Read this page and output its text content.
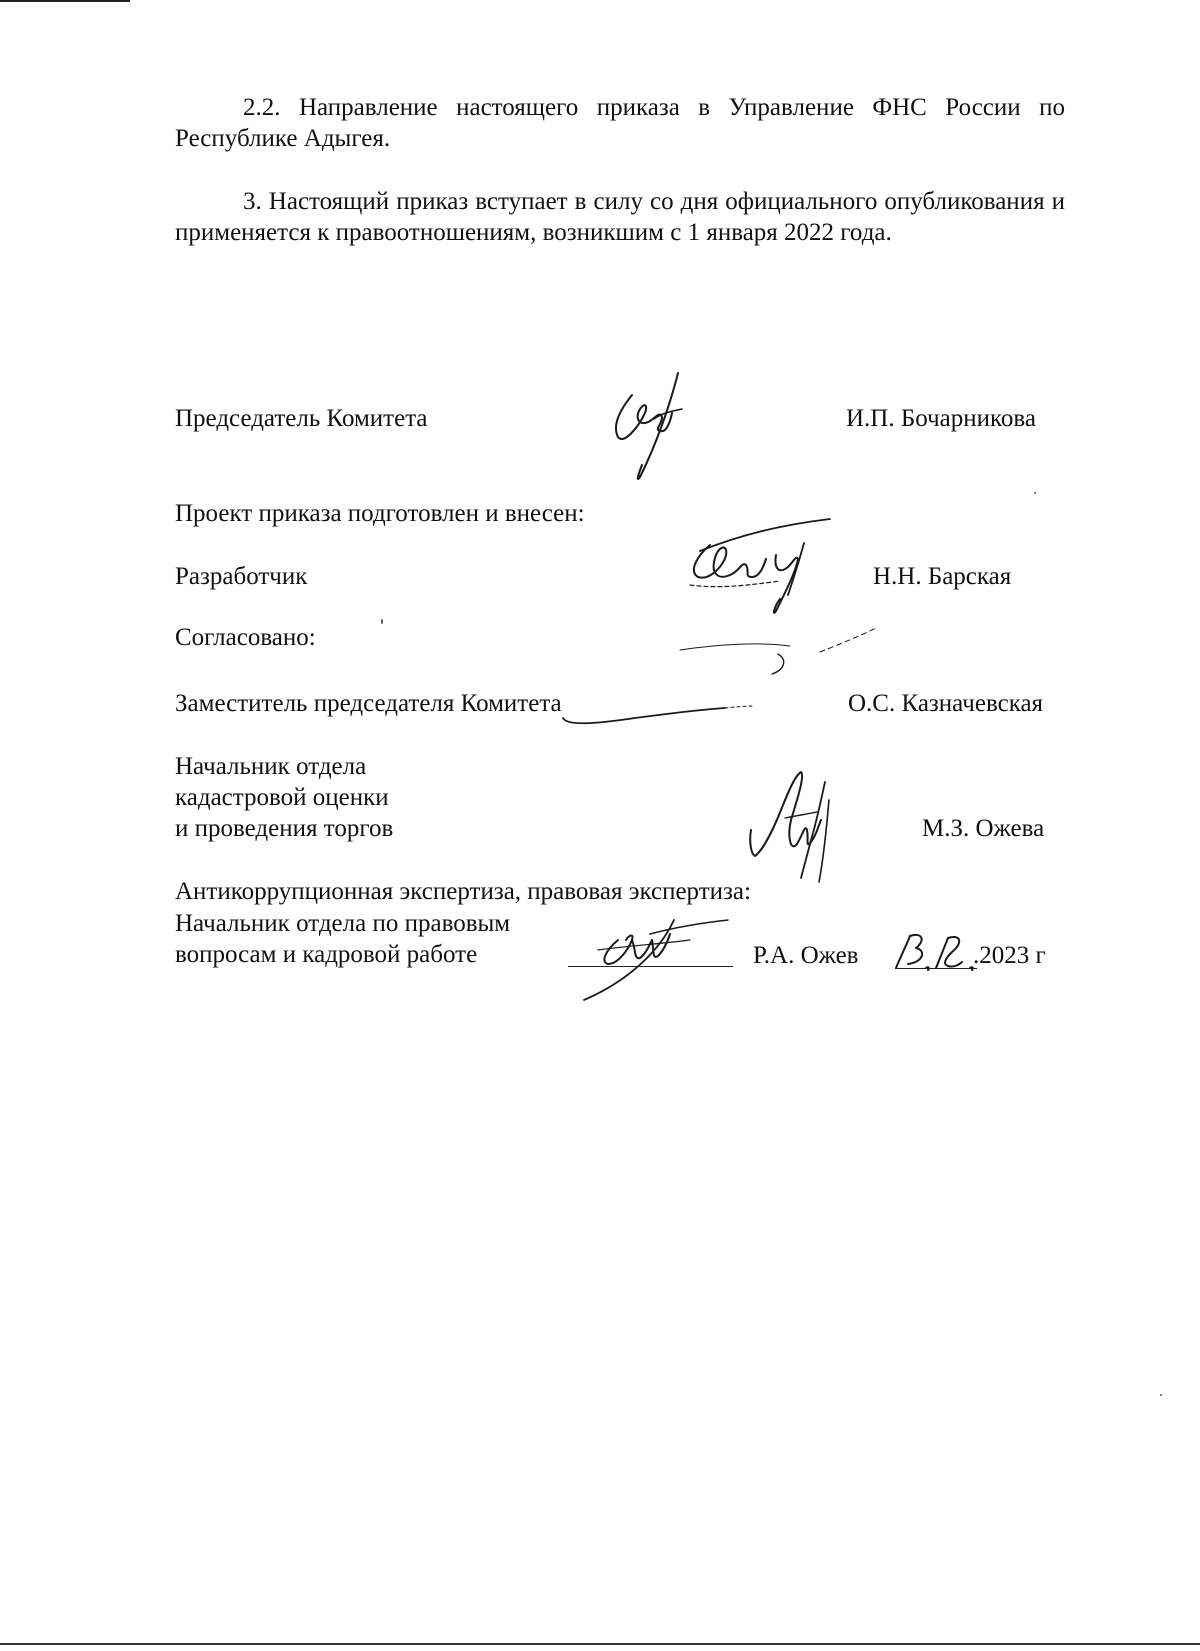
2.2. Направление настоящего приказа в Управление ФНС России по Республике Адыгея.

3. Настоящий приказ вступает в силу со дня официального опубликования и применяется к правоотношениям, возникшим с 1 января 2022 года.

Председатель Комитета	И.П. Бочарникова
Проект приказа подготовлен и внесен:
Разработчик	Н.Н. Барская
Согласовано:
Заместитель председателя Комитета	О.С. Казначевская
Начальник отдела
кадастровой оценки
и проведения торгов	М.З. Ожева
Антикоррупционная экспертиза, правовая экспертиза:
Начальник отдела по правовым
вопросам и кадровой работе	Р.А. Ожев	.2023 г
